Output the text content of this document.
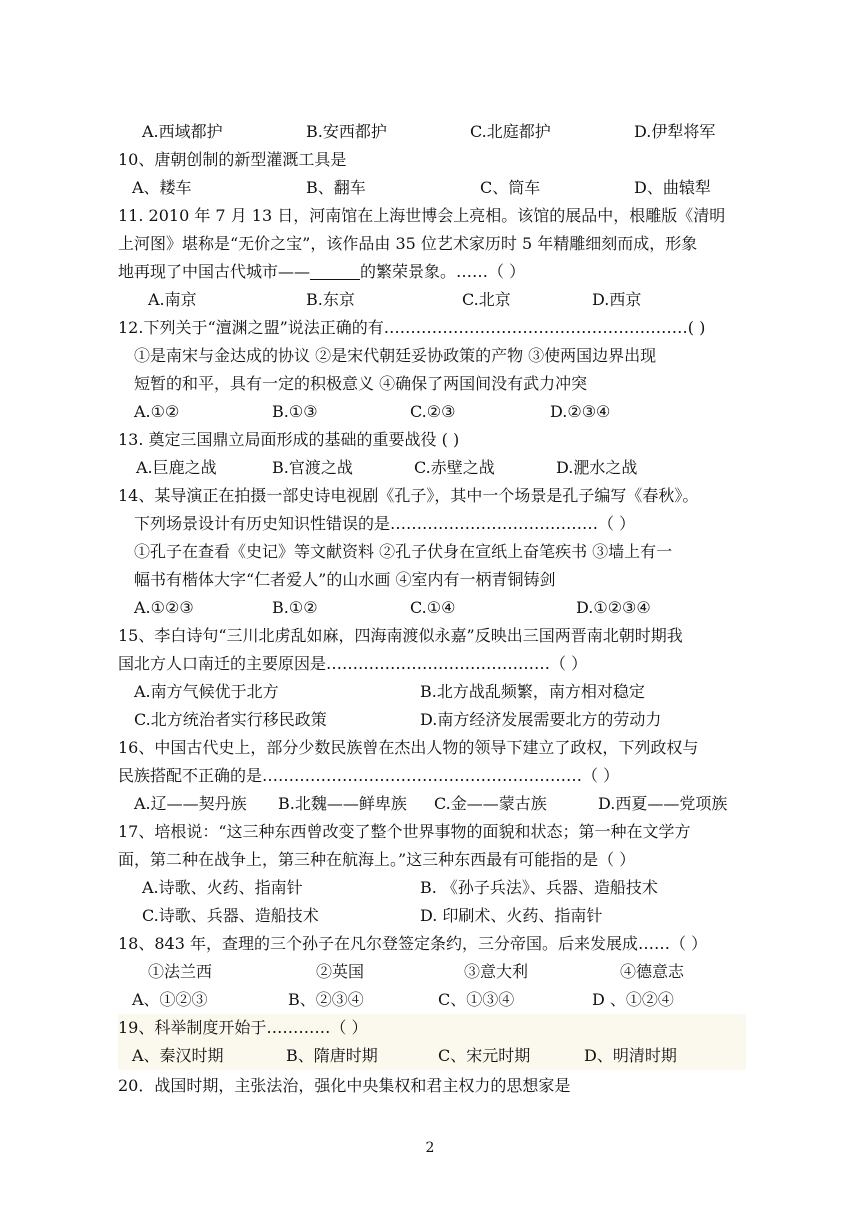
A.西域都护	B.安西都护	C.北庭都护	D.伊犁将军
10、唐朝创制的新型灌溉工具是
A、耧车	B、翻车	C、筒车	D、曲辕犁
11. 2010 年 7 月 13 日，河南馆在上海世博会上亮相。该馆的展品中，根雕版《清明
上河图》堪称是“无价之宝”，该作品由 35 位艺术家历时 5 年精雕细刻而成，形象
地再现了中国古代城市——	的繁荣景象。……（ ）
A.南京	B.东京	C.北京	D.西京
12.下列关于“澶渊之盟”说法正确的有…………………………………………………( )
①是南宋与金达成的协议 ②是宋代朝廷妥协政策的产物 ③使两国边界出现
短暂的和平，具有一定的积极意义 ④确保了两国间没有武力冲突
A.①②	B.①③	C.②③	D.②③④
13. 奠定三国鼎立局面形成的基础的重要战役 ( )
A.巨鹿之战	B.官渡之战	C.赤壁之战	D.淝水之战
14、某导演正在拍摄一部史诗电视剧《孔子》，其中一个场景是孔子编写《春秋》。
下列场景设计有历史知识性错误的是…………………………………（ ）
①孔子在查看《史记》等文献资料 ②孔子伏身在宣纸上奋笔疾书 ③墙上有一
幅书有楷体大字“仁者爱人”的山水画 ④室内有一柄青铜铸剑
A.①②③	B.①②	C.①④	D.①②③④
15、李白诗句“三川北虏乱如麻，四海南渡似永嘉”反映出三国两晋南北朝时期我
国北方人口南迁的主要原因是……………………………………（ ）
A.南方气候优于北方	B.北方战乱频繁，南方相对稳定
C.北方统治者实行移民政策	D.南方经济发展需要北方的劳动力
16、中国古代史上，部分少数民族曾在杰出人物的领导下建立了政权，下列政权与
民族搭配不正确的是……………………………………………………（ ）
A.辽——契丹族 B.北魏——鲜卑族 C.金——蒙古族	D.西夏——党项族
17、培根说：“这三种东西曾改变了整个世界事物的面貌和状态；第一种在文学方
面，第二种在战争上，第三种在航海上。”这三种东西最有可能指的是（ ）
A.诗歌、火药、指南针	B. 《孙子兵法》、兵器、造船技术
C.诗歌、兵器、造船技术	D. 印刷术、火药、指南针
18、843 年，查理的三个孙子在凡尔登签定条约，三分帝国。后来发展成……（ ）
①法兰西	②英国	③意大利	④德意志
A、①②③	B、②③④	C、①③④	D 、①②④
19、科举制度开始于…………（ ）
A、秦汉时期	B、隋唐时期	C、宋元时期	D、明清时期
20．战国时期，主张法治，强化中央集权和君主权力的思想家是
2
